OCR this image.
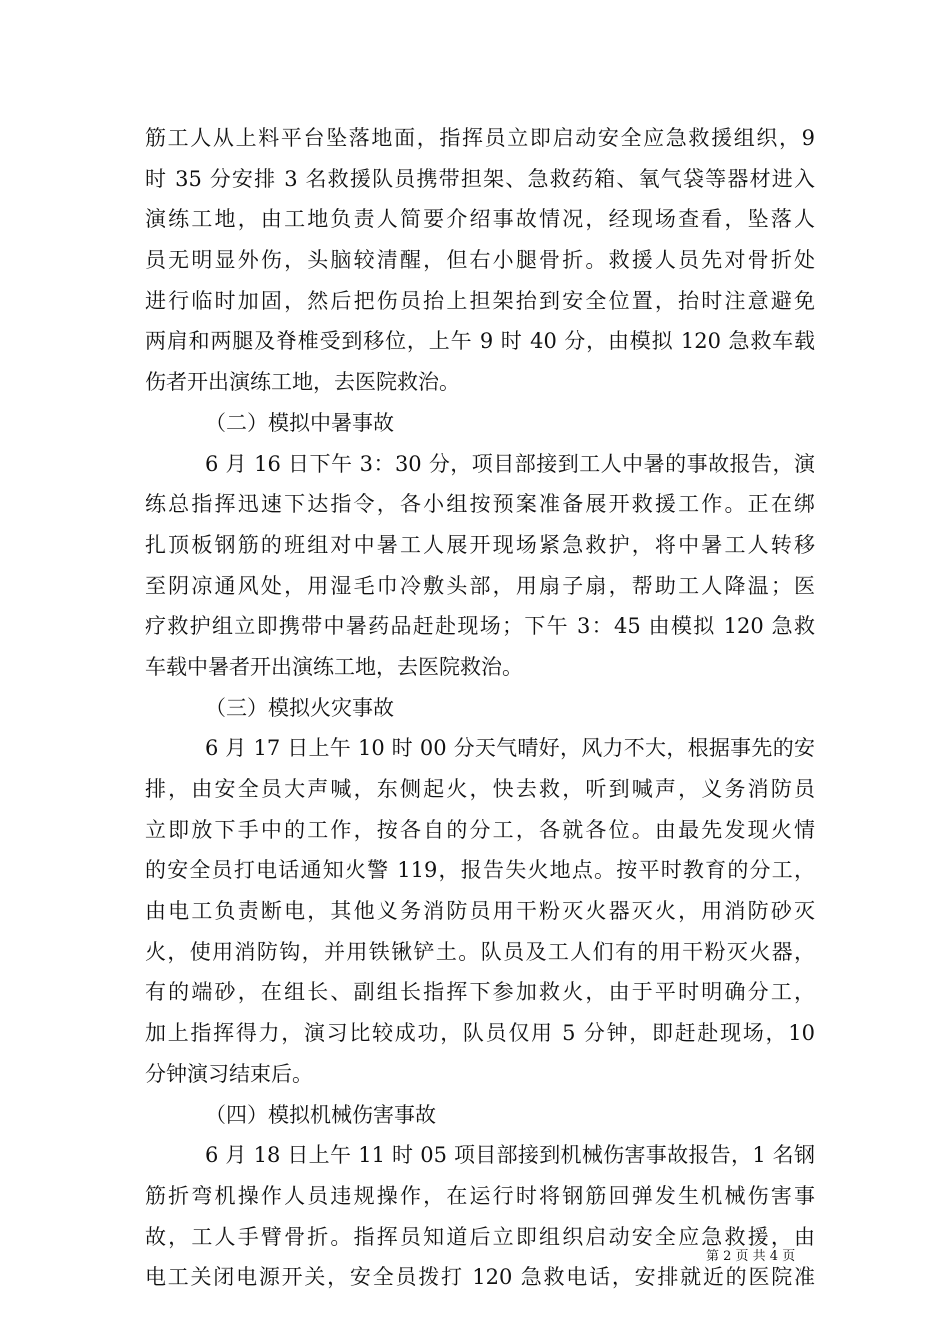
筋工人从上料平台坠落地面，指挥员立即启动安全应急救援组织，9
时 35 分安排 3 名救援队员携带担架、急救药箱、氧气袋等器材进入
演练工地，由工地负责人简要介绍事故情况，经现场查看，坠落人
员无明显外伤，头脑较清醒，但右小腿骨折。救援人员先对骨折处
进行临时加固，然后把伤员抬上担架抬到安全位置，抬时注意避免
两肩和两腿及脊椎受到移位，上午 9 时 40 分，由模拟 120 急救车载
伤者开出演练工地，去医院救治。
（二）模拟中暑事故
6 月 16 日下午 3：30 分，项目部接到工人中暑的事故报告，演
练总指挥迅速下达指令，各小组按预案准备展开救援工作。正在绑
扎顶板钢筋的班组对中暑工人展开现场紧急救护，将中暑工人转移
至阴凉通风处，用湿毛巾冷敷头部，用扇子扇，帮助工人降温；医
疗救护组立即携带中暑药品赶赴现场；下午 3：45 由模拟 120 急救
车载中暑者开出演练工地，去医院救治。
（三）模拟火灾事故
6 月 17 日上午 10 时 00 分天气晴好，风力不大，根据事先的安
排，由安全员大声喊，东侧起火，快去救，听到喊声，义务消防员
立即放下手中的工作，按各自的分工，各就各位。由最先发现火情
的安全员打电话通知火警 119，报告失火地点。按平时教育的分工，
由电工负责断电，其他义务消防员用干粉灭火器灭火，用消防砂灭
火，使用消防钩，并用铁锹铲土。队员及工人们有的用干粉灭火器，
有的端砂，在组长、副组长指挥下参加救火，由于平时明确分工，
加上指挥得力，演习比较成功，队员仅用 5 分钟，即赶赴现场，10
分钟演习结束后。
（四）模拟机械伤害事故
6 月 18 日上午 11 时 05 项目部接到机械伤害事故报告，1 名钢
筋折弯机操作人员违规操作，在运行时将钢筋回弹发生机械伤害事
故，工人手臂骨折。指挥员知道后立即组织启动安全应急救援，由
电工关闭电源开关，安全员拨打 120 急救电话，安排就近的医院准
第 2 页 共 4 页
